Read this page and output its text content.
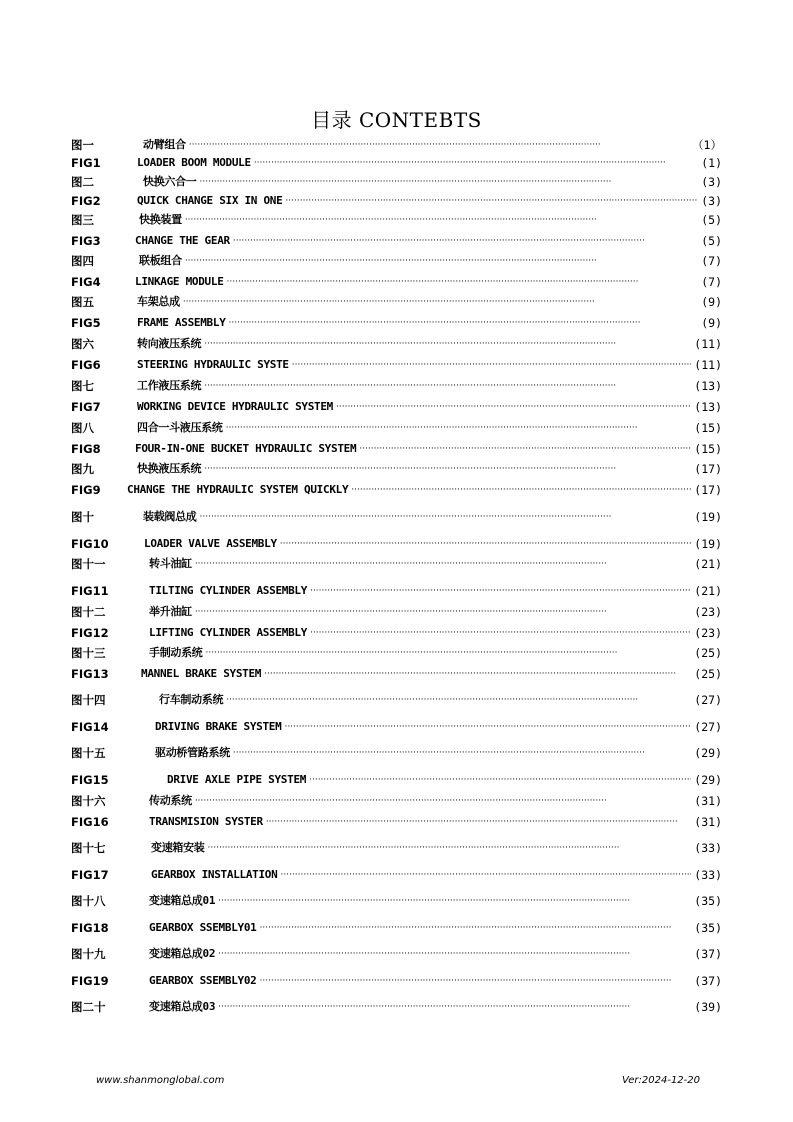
目录 CONTEBTS
图一	动臂组合 ·····	（1）
FIG1	LOADER BOOM MODULE ·····	(1)
图二	快换六合一 ·····	(3)
FIG2	QUICK CHANGE SIX IN ONE ·····	(3)
图三	快换装置 ·····	(5)
FIG3	CHANGE THE GEAR ·····	(5)
图四	联板组合 ·····	(7)
FIG4	LINKAGE MODULE ·····	(7)
图五	车架总成 ·····	(9)
FIG5	FRAME ASSEMBLY ·····	(9)
图六	转向液压系统 ·····	(11)
FIG6	STEERING HYDRAULIC SYSTE ·····	(11)
图七	工作液压系统 ·····	(13)
FIG7	WORKING DEVICE HYDRAULIC SYSTEM ·····	(13)
图八	四合一斗液压系统 ·····	(15)
FIG8	FOUR-IN-ONE BUCKET HYDRAULIC SYSTEM ·····	(15)
图九	快换液压系统 ·····	(17)
FIG9	CHANGE THE HYDRAULIC SYSTEM QUICKLY ·····	(17)
图十	装载阀总成 ·····	(19)
FIG10	LOADER VALVE ASSEMBLY ·····	(19)
图十一	转斗油缸 ·····	(21)
FIG11	TILTING CYLINDER ASSEMBLY ·····	(21)
图十二	举升油缸 ·····	(23)
FIG12	LIFTING CYLINDER ASSEMBLY ·····	(23)
图十三	手制动系统 ·····	(25)
FIG13	MANNEL BRAKE SYSTEM ·····	(25)
图十四	行车制动系统 ·····	(27)
FIG14	DRIVING BRAKE SYSTEM ·····	(27)
图十五	驱动桥管路系统 ·····	(29)
FIG15	DRIVE AXLE PIPE SYSTEM ·····	(29)
图十六	传动系统 ·····	(31)
FIG16	TRANSMISION SYSTER ·····	(31)
图十七	变速箱安装 ·····	(33)
FIG17	GEARBOX INSTALLATION ·····	(33)
图十八	变速箱总成01 ·····	(35)
FIG18	GEARBOX SSEMBLY01 ·····	(35)
图十九	变速箱总成02 ·····	(37)
FIG19	GEARBOX SSEMBLY02 ·····	(37)
图二十	变速箱总成03 ·····	(39)
www.shanmonglobal.com	Ver:2024-12-20
